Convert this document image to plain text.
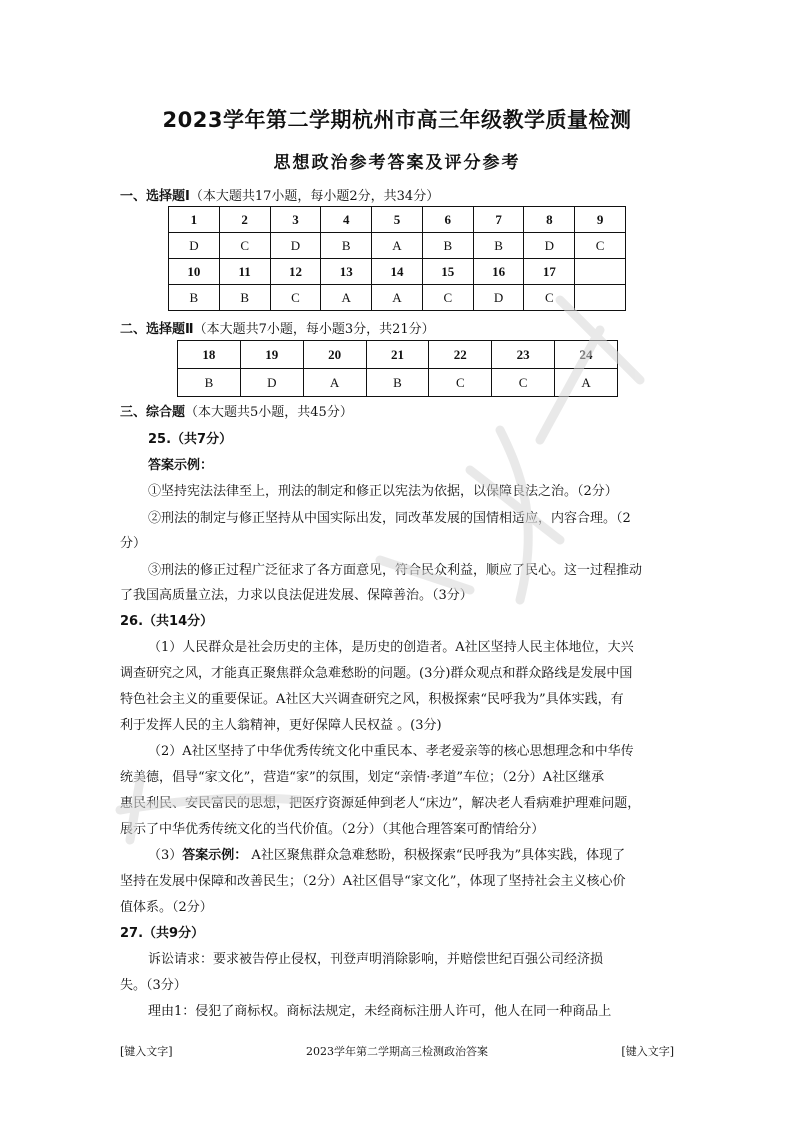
2023学年第二学期杭州市高三年级教学质量检测
思想政治参考答案及评分参考
一、选择题Ⅰ（本大题共17小题，每小题2分，共34分）
1	2	3	4	5	6	7	8	9
D	C	D	B	A	B	B	D	C
10	11	12	13	14	15	16	17	
B	B	C	A	A	C	D	C	
二、选择题Ⅱ（本大题共7小题，每小题3分，共21分）
18	19	20	21	22	23	24
B	D	A	B	C	C	A
三、综合题（本大题共5小题，共45分）
25.（共7分）
答案示例：
①坚持宪法法律至上，刑法的制定和修正以宪法为依据，以保障良法之治。（2分）
②刑法的制定与修正坚持从中国实际出发，同改革发展的国情相适应，内容合理。（2
分）
③刑法的修正过程广泛征求了各方面意见，符合民众利益，顺应了民心。这一过程推动
了我国高质量立法，力求以良法促进发展、保障善治。（3分）
26.（共14分）
（1）人民群众是社会历史的主体，是历史的创造者。A社区坚持人民主体地位，大兴
调查研究之风，才能真正聚焦群众急难愁盼的问题。(3分)群众观点和群众路线是发展中国
特色社会主义的重要保证。A社区大兴调查研究之风，积极探索“民呼我为”具体实践，有
利于发挥人民的主人翁精神，更好保障人民权益 。(3分)
（2）A社区坚持了中华优秀传统文化中重民本、孝老爱亲等的核心思想理念和中华传
统美德，倡导“家文化”，营造“家”的氛围，划定“亲情·孝道”车位；（2分）A社区继承
惠民利民、安民富民的思想，把医疗资源延伸到老人“床边”，解决老人看病难护理难问题，
展示了中华优秀传统文化的当代价值。（2分）（其他合理答案可酌情给分）
（3）答案示例： A社区聚焦群众急难愁盼，积极探索“民呼我为”具体实践，体现了
坚持在发展中保障和改善民生；（2分）A社区倡导“家文化”，体现了坚持社会主义核心价
值体系。（2分）
27.（共9分）
诉讼请求：要求被告停止侵权，刊登声明消除影响，并赔偿世纪百强公司经济损
失。（3分）
理由1：侵犯了商标权。商标法规定，未经商标注册人许可，他人在同一种商品上
[键入文字]	2023学年第二学期高三检测政治答案	[键入文字]
